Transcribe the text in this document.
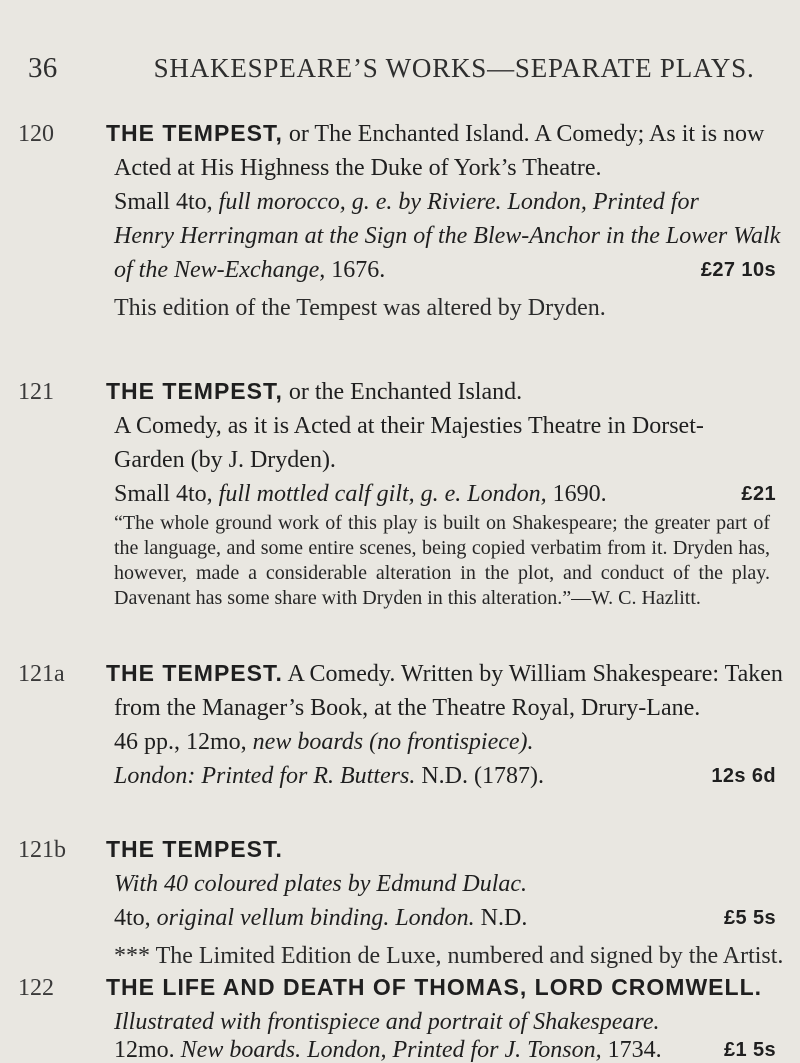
36	SHAKESPEARE’S WORKS—SEPARATE PLAYS.
120 THE TEMPEST, or The Enchanted Island. A Comedy; As it is now
Acted at His Highness the Duke of York’s Theatre.
Small 4to, full morocco, g. e. by Riviere. London, Printed for
Henry Herringman at the Sign of the Blew-Anchor in the Lower Walk
of the New-Exchange, 1676.	£27 10s
This edition of the Tempest was altered by Dryden.
121 THE TEMPEST, or the Enchanted Island.
A Comedy, as it is Acted at their Majesties Theatre in Dorset-
Garden (by J. Dryden).
Small 4to, full mottled calf gilt, g. e. London, 1690.	£21
“The whole ground work of this play is built on Shakespeare; the greater part of the language, and some entire scenes, being copied verbatim from it. Dryden has, however, made a considerable alteration in the plot, and conduct of the play. Davenant has some share with Dryden in this alteration.”—W. C. Hazlitt.
121a THE TEMPEST. A Comedy. Written by William Shakespeare: Taken
from the Manager’s Book, at the Theatre Royal, Drury-Lane.
46 pp., 12mo, new boards (no frontispiece).
London: Printed for R. Butters. N.D. (1787).	12s 6d
121b THE TEMPEST.
With 40 coloured plates by Edmund Dulac.
4to, original vellum binding. London. N.D.	£5 5s
*** The Limited Edition de Luxe, numbered and signed by the Artist.
122 THE LIFE AND DEATH OF THOMAS, LORD CROMWELL.
Illustrated with frontispiece and portrait of Shakespeare.
12mo. New boards. London, Printed for J. Tonson, 1734.	£1 5s
